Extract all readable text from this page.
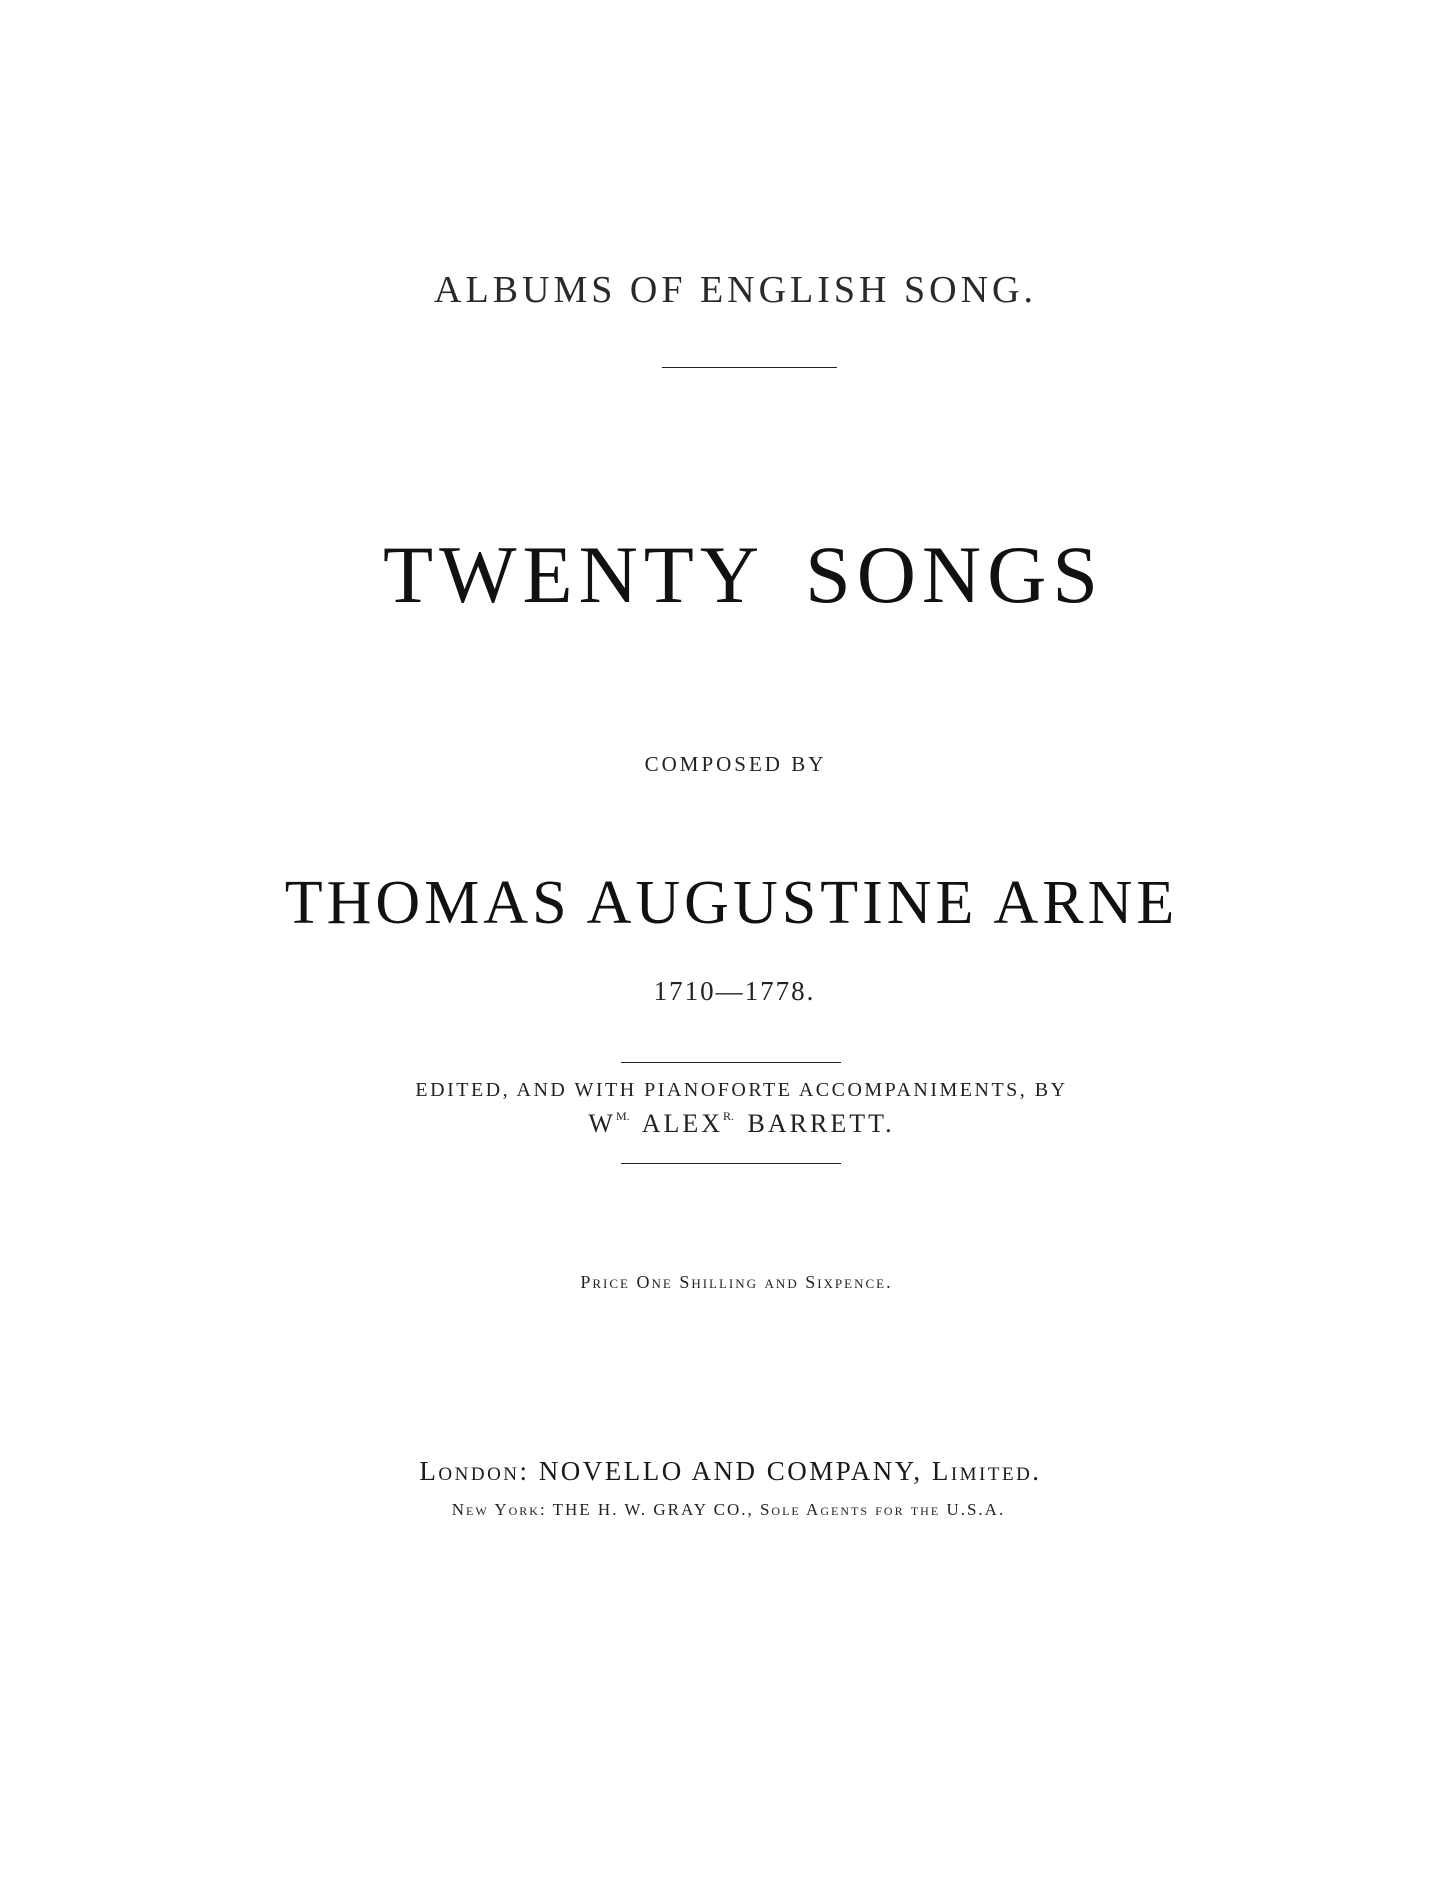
ALBUMS OF ENGLISH SONG.
TWENTY SONGS
COMPOSED BY
THOMAS AUGUSTINE ARNE
1710—1778.
EDITED, AND WITH PIANOFORTE ACCOMPANIMENTS, BY
$W^{M.}$ $ALEX^{R.}$ BARRETT.
Price One Shilling and Sixpence.
London: NOVELLO AND COMPANY, Limited.
New York: THE H. W. GRAY CO., Sole Agents for the U.S.A.
